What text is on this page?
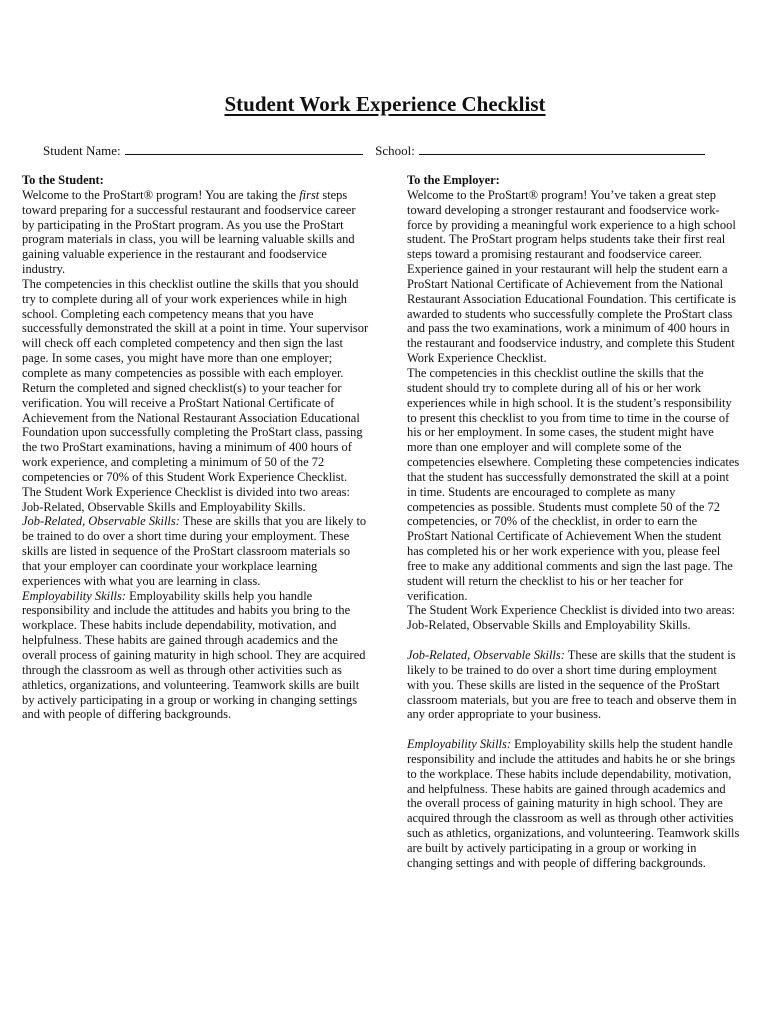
Student Work Experience Checklist
Student Name:	School:

To the Student:

Welcome to the ProStart® program! You are taking the first steps toward preparing for a successful restaurant and foodservice career by participating in the ProStart program. As you use the ProStart program materials in class, you will be learning valuable skills and gaining valuable experience in the restaurant and foodservice industry.

The competencies in this checklist outline the skills that you should try to complete during all of your work experiences while in high school. Completing each competency means that you have successfully demonstrated the skill at a point in time. Your supervisor will check off each completed competency and then sign the last page. In some cases, you might have more than one employer; complete as many competencies as possible with each employer. Return the completed and signed checklist(s) to your teacher for verification. You will receive a ProStart National Certificate of Achievement from the National Restaurant Association Educational Foundation upon successfully completing the ProStart class, passing the two ProStart examinations, having a minimum of 400 hours of work experience, and completing a minimum of 50 of the 72 competencies or 70% of this Student Work Experience Checklist.

The Student Work Experience Checklist is divided into two areas: Job-Related, Observable Skills and Employability Skills.

Job-Related, Observable Skills: These are skills that you are likely to be trained to do over a short time during your employment. These skills are listed in sequence of the ProStart classroom materials so that your employer can coordinate your workplace learning experiences with what you are learning in class.

Employability Skills: Employability skills help you handle responsibility and include the attitudes and habits you bring to the workplace. These habits include dependability, motivation, and helpfulness. These habits are gained through academics and the overall process of gaining maturity in high school. They are acquired through the classroom as well as through other activities such as athletics, organizations, and volunteering. Teamwork skills are built by actively participating in a group or working in changing settings and with people of differing backgrounds.

To the Employer:

Welcome to the ProStart® program! You’ve taken a great step toward developing a stronger restaurant and foodservice work-force by providing a meaningful work experience to a high school student. The ProStart program helps students take their first real steps toward a promising restaurant and foodservice career. Experience gained in your restaurant will help the student earn a ProStart National Certificate of Achievement from the National Restaurant Association Educational Foundation. This certificate is awarded to students who successfully complete the ProStart class and pass the two examinations, work a minimum of 400 hours in the restaurant and foodservice industry, and complete this Student Work Experience Checklist.

The competencies in this checklist outline the skills that the student should try to complete during all of his or her work experiences while in high school. It is the student’s responsibility to present this checklist to you from time to time in the course of his or her employment. In some cases, the student might have more than one employer and will complete some of the competencies elsewhere. Completing these competencies indicates that the student has successfully demonstrated the skill at a point in time. Students are encouraged to complete as many competencies as possible. Students must complete 50 of the 72 competencies, or 70% of the checklist, in order to earn the ProStart National Certificate of Achievement When the student has completed his or her work experience with you, please feel free to make any additional comments and sign the last page. The student will return the checklist to his or her teacher for verification.

The Student Work Experience Checklist is divided into two areas: Job-Related, Observable Skills and Employability Skills.

Job-Related, Observable Skills: These are skills that the student is likely to be trained to do over a short time during employment with you. These skills are listed in the sequence of the ProStart classroom materials, but you are free to teach and observe them in any order appropriate to your business.

Employability Skills: Employability skills help the student handle responsibility and include the attitudes and habits he or she brings to the workplace. These habits include dependability, motivation, and helpfulness. These habits are gained through academics and the overall process of gaining maturity in high school. They are acquired through the classroom as well as through other activities such as athletics, organizations, and volunteering. Teamwork skills are built by actively participating in a group or working in changing settings and with people of differing backgrounds.
